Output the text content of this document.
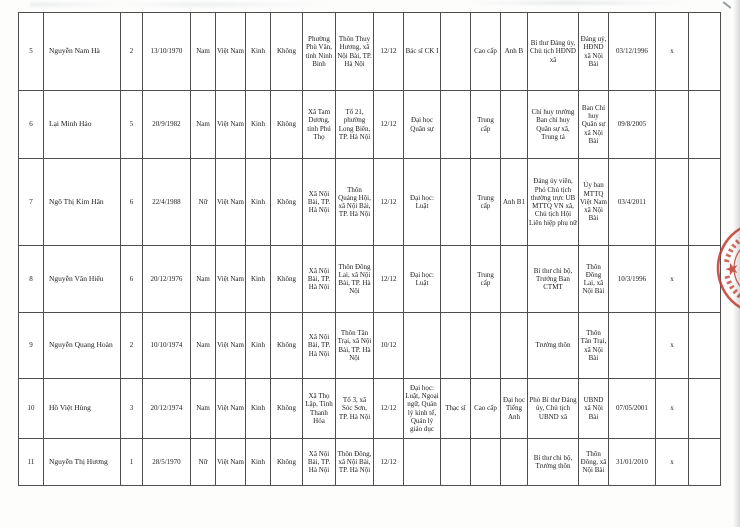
5	Nguyễn Nam Hà	2	13/10/1970	Nam	Việt Nam	Kinh	Không	Phường Phù Vân, tỉnh Ninh Bình	Thôn Thuy Hương, xã Nội Bài, TP. Hà Nội	12/12	Bác sĩ CK I		Cao cấp	Anh B	Bí thư Đảng ủy, Chủ tịch HĐND xã	Đảng uỷ, HĐND xã Nội Bài	03/12/1996	x	
6	Lại Minh Hảo	5	20/9/1982	Nam	Việt Nam	Kinh	Không	Xã Tam Dương, tỉnh Phú Thọ	Tổ 21, phường Long Biên, TP. Hà Nội	12/12	Đại học Quân sự		Trung cấp		Chỉ huy trưởng Ban chỉ huy Quân sự xã, Trung tá	Ban Chỉ huy Quân sự xã Nội Bài	09/8/2005		
7	Ngô Thị Kim Hân	6	22/4/1988	Nữ	Việt Nam	Kinh	Không	Xã Nội Bài, TP. Hà Nội	Thôn Quảng Hội, xã Nội Bài, TP. Hà Nội	12/12	Đại học: Luật		Trung cấp	Anh B1	Đảng ủy viên, Phó Chủ tịch thường trực UB MTTQ VN xã, Chủ tịch Hội Liên hiệp phụ nữ	Ủy ban MTTQ Việt Nam xã Nội Bài	03/4/2011		
8	Nguyễn Văn Hiểu	6	20/12/1976	Nam	Việt Nam	Kinh	Không	Xã Nội Bài, TP. Hà Nội	Thôn Đông Lai, xã Nội Bài, TP. Hà Nội	12/12	Đại học: Luật		Trung cấp		Bí thư chi bộ, Trưởng Ban CTMT	Thôn Đông Lai, xã Nội Bài	10/3/1996	x	
9	Nguyễn Quang Hoàn	2	10/10/1974	Nam	Việt Nam	Kinh	Không	Xã Nội Bài, TP. Hà Nội	Thôn Tân Trại, xã Nội Bài, TP. Hà Nội	10/12					Trưởng thôn	Thôn Tân Trại, xã Nội Bài		x	
10	Hồ Việt Hùng	3	20/12/1974	Nam	Việt Nam	Kinh	Không	Xã Thọ Lập, Tỉnh Thanh Hóa	Tổ 3, xã Sóc Sơn, TP. Hà Nội	12/12	Đại học: Luật, Ngoại ngữ, Quản lý kinh tế, Quản lý giáo dục	Thạc sĩ	Cao cấp	Đại học Tiếng Anh	Phó Bí thư Đảng ủy, Chủ tịch UBND xã	UBND xã Nội Bài	07/05/2001	x	
11	Nguyễn Thị Hương	1	28/5/1970	Nữ	Việt Nam	Kinh	Không	Xã Nội Bài, TP. Hà Nội	Thôn Đông, xã Nội Bài, TP. Hà Nội	12/12					Bí thư chi bộ, Trưởng thôn	Thôn Đông, xã Nội Bài	31/01/2010	x	
